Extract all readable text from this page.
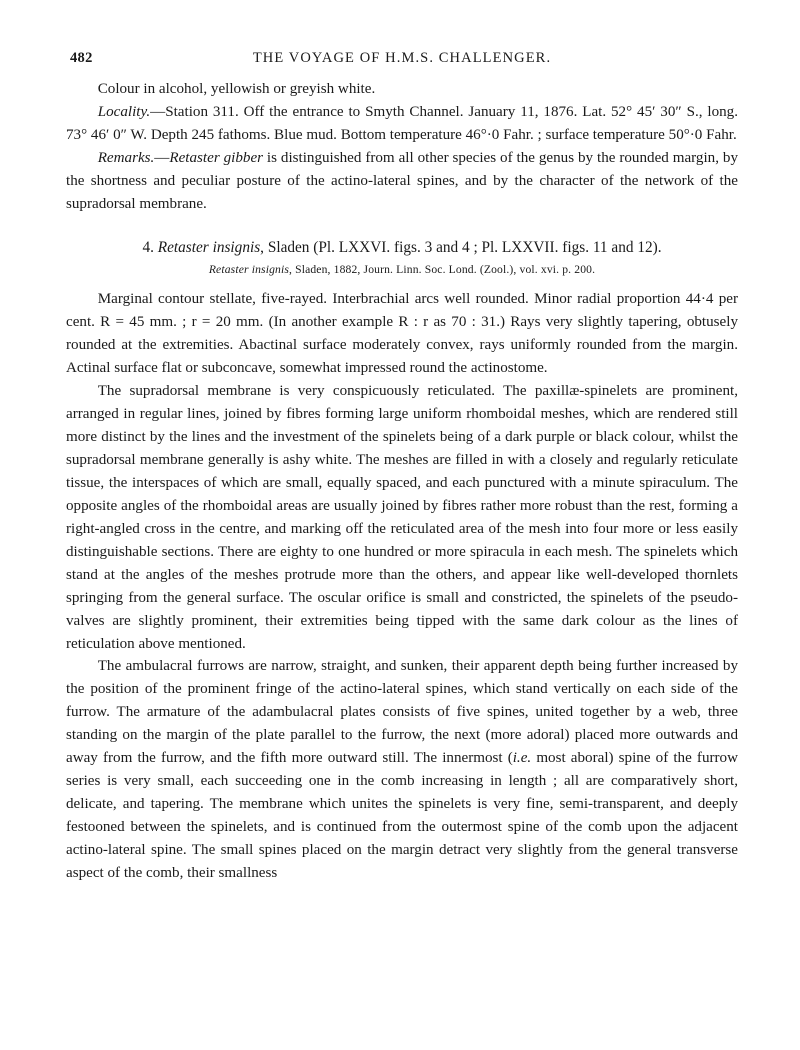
482	THE VOYAGE OF H.M.S. CHALLENGER.

Colour in alcohol, yellowish or greyish white.

Locality.—Station 311. Off the entrance to Smyth Channel. January 11, 1876. Lat. 52° 45′ 30″ S., long. 73° 46′ 0″ W. Depth 245 fathoms. Blue mud. Bottom temperature 46°·0 Fahr. ; surface temperature 50°·0 Fahr.

Remarks.—Retaster gibber is distinguished from all other species of the genus by the rounded margin, by the shortness and peculiar posture of the actino-lateral spines, and by the character of the network of the supradorsal membrane.

4. Retaster insignis, Sladen (Pl. LXXVI. figs. 3 and 4 ; Pl. LXXVII. figs. 11 and 12).

Retaster insignis, Sladen, 1882, Journ. Linn. Soc. Lond. (Zool.), vol. xvi. p. 200.

Marginal contour stellate, five-rayed. Interbrachial arcs well rounded. Minor radial proportion 44·4 per cent. R = 45 mm. ; r = 20 mm. (In another example R : r as 70 : 31.) Rays very slightly tapering, obtusely rounded at the extremities. Abactinal surface moderately convex, rays uniformly rounded from the margin. Actinal surface flat or subconcave, somewhat impressed round the actinostome.

The supradorsal membrane is very conspicuously reticulated. The paxillæ-spinelets are prominent, arranged in regular lines, joined by fibres forming large uniform rhomboidal meshes, which are rendered still more distinct by the lines and the investment of the spinelets being of a dark purple or black colour, whilst the supradorsal membrane generally is ashy white. The meshes are filled in with a closely and regularly reticulate tissue, the interspaces of which are small, equally spaced, and each punctured with a minute spiraculum. The opposite angles of the rhomboidal areas are usually joined by fibres rather more robust than the rest, forming a right-angled cross in the centre, and marking off the reticulated area of the mesh into four more or less easily distinguishable sections. There are eighty to one hundred or more spiracula in each mesh. The spinelets which stand at the angles of the meshes protrude more than the others, and appear like well-developed thornlets springing from the general surface. The oscular orifice is small and constricted, the spinelets of the pseudo-valves are slightly prominent, their extremities being tipped with the same dark colour as the lines of reticulation above mentioned.

The ambulacral furrows are narrow, straight, and sunken, their apparent depth being further increased by the position of the prominent fringe of the actino-lateral spines, which stand vertically on each side of the furrow. The armature of the adambulacral plates consists of five spines, united together by a web, three standing on the margin of the plate parallel to the furrow, the next (more adoral) placed more outwards and away from the furrow, and the fifth more outward still. The innermost (i.e. most aboral) spine of the furrow series is very small, each succeeding one in the comb increasing in length ; all are comparatively short, delicate, and tapering. The membrane which unites the spinelets is very fine, semi-transparent, and deeply festooned between the spinelets, and is continued from the outermost spine of the comb upon the adjacent actino-lateral spine. The small spines placed on the margin detract very slightly from the general transverse aspect of the comb, their smallness
